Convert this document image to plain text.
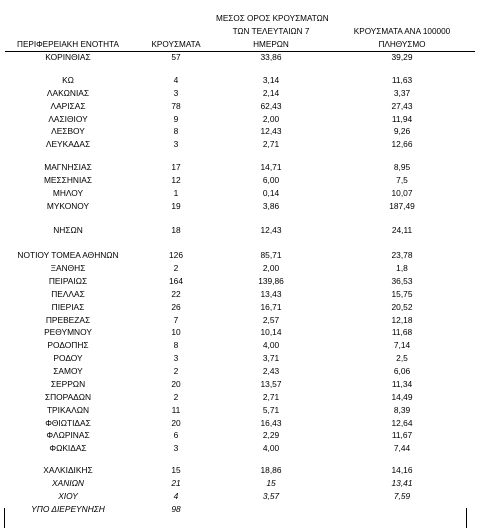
ΠΕΡΙΦΕΡΕΙΑΚΗ ΕΝΟΤΗΤΑ	ΚΡΟΥΣΜΑΤΑ
ΜΕΣΟΣ ΟΡΟΣ ΚΡΟΥΣΜΑΤΩΝ
ΤΩΝ ΤΕΛΕΥΤΑΙΩΝ 7
ΗΜΕΡΩΝ
ΚΡΟΥΣΜΑΤΑ ΑΝΑ 100000
ΠΛΗΘΥΣΜΟ
ΚΟΡΙΝΘΙΑΣ	57	33,86	39,29
ΚΩ	4	3,14	11,63
ΛΑΚΩΝΙΑΣ	3	2,14	3,37
ΛΑΡΙΣΑΣ	78	62,43	27,43
ΛΑΣΙΘΙΟΥ	9	2,00	11,94
ΛΕΣΒΟΥ	8	12,43	9,26
ΛΕΥΚΑΔΑΣ	3	2,71	12,66
ΜΑΓΝΗΣΙΑΣ	17	14,71	8,95
ΜΕΣΣΗΝΙΑΣ	12	6,00	7,5
ΜΗΛΟΥ	1	0,14	10,07
ΜΥΚΟΝΟΥ	19	3,86	187,49
ΝΗΣΩΝ	18	12,43	24,11
ΝΟΤΙΟΥ ΤΟΜΕΑ ΑΘΗΝΩΝ	126	85,71	23,78
ΞΑΝΘΗΣ	2	2,00	1,8
ΠΕΙΡΑΙΩΣ	164	139,86	36,53
ΠΕΛΛΑΣ	22	13,43	15,75
ΠΙΕΡΙΑΣ	26	16,71	20,52
ΠΡΕΒΕΖΑΣ	7	2,57	12,18
ΡΕΘΥΜΝΟΥ	10	10,14	11,68
ΡΟΔΟΠΗΣ	8	4,00	7,14
ΡΟΔΟΥ	3	3,71	2,5
ΣΑΜΟΥ	2	2,43	6,06
ΣΕΡΡΩΝ	20	13,57	11,34
ΣΠΟΡΑΔΩΝ	2	2,71	14,49
ΤΡΙΚΑΛΩΝ	11	5,71	8,39
ΦΘΙΩΤΙΔΑΣ	20	16,43	12,64
ΦΛΩΡΙΝΑΣ	6	2,29	11,67
ΦΩΚΙΔΑΣ	3	4,00	7,44
ΧΑΛΚΙΔΙΚΗΣ	15	18,86	14,16
ΧΑΝΙΩΝ	21	15	13,41
ΧΙΟΥ	4	3,57	7,59
ΥΠΟ ΔΙΕΡΕΥΝΗΣΗ	98
